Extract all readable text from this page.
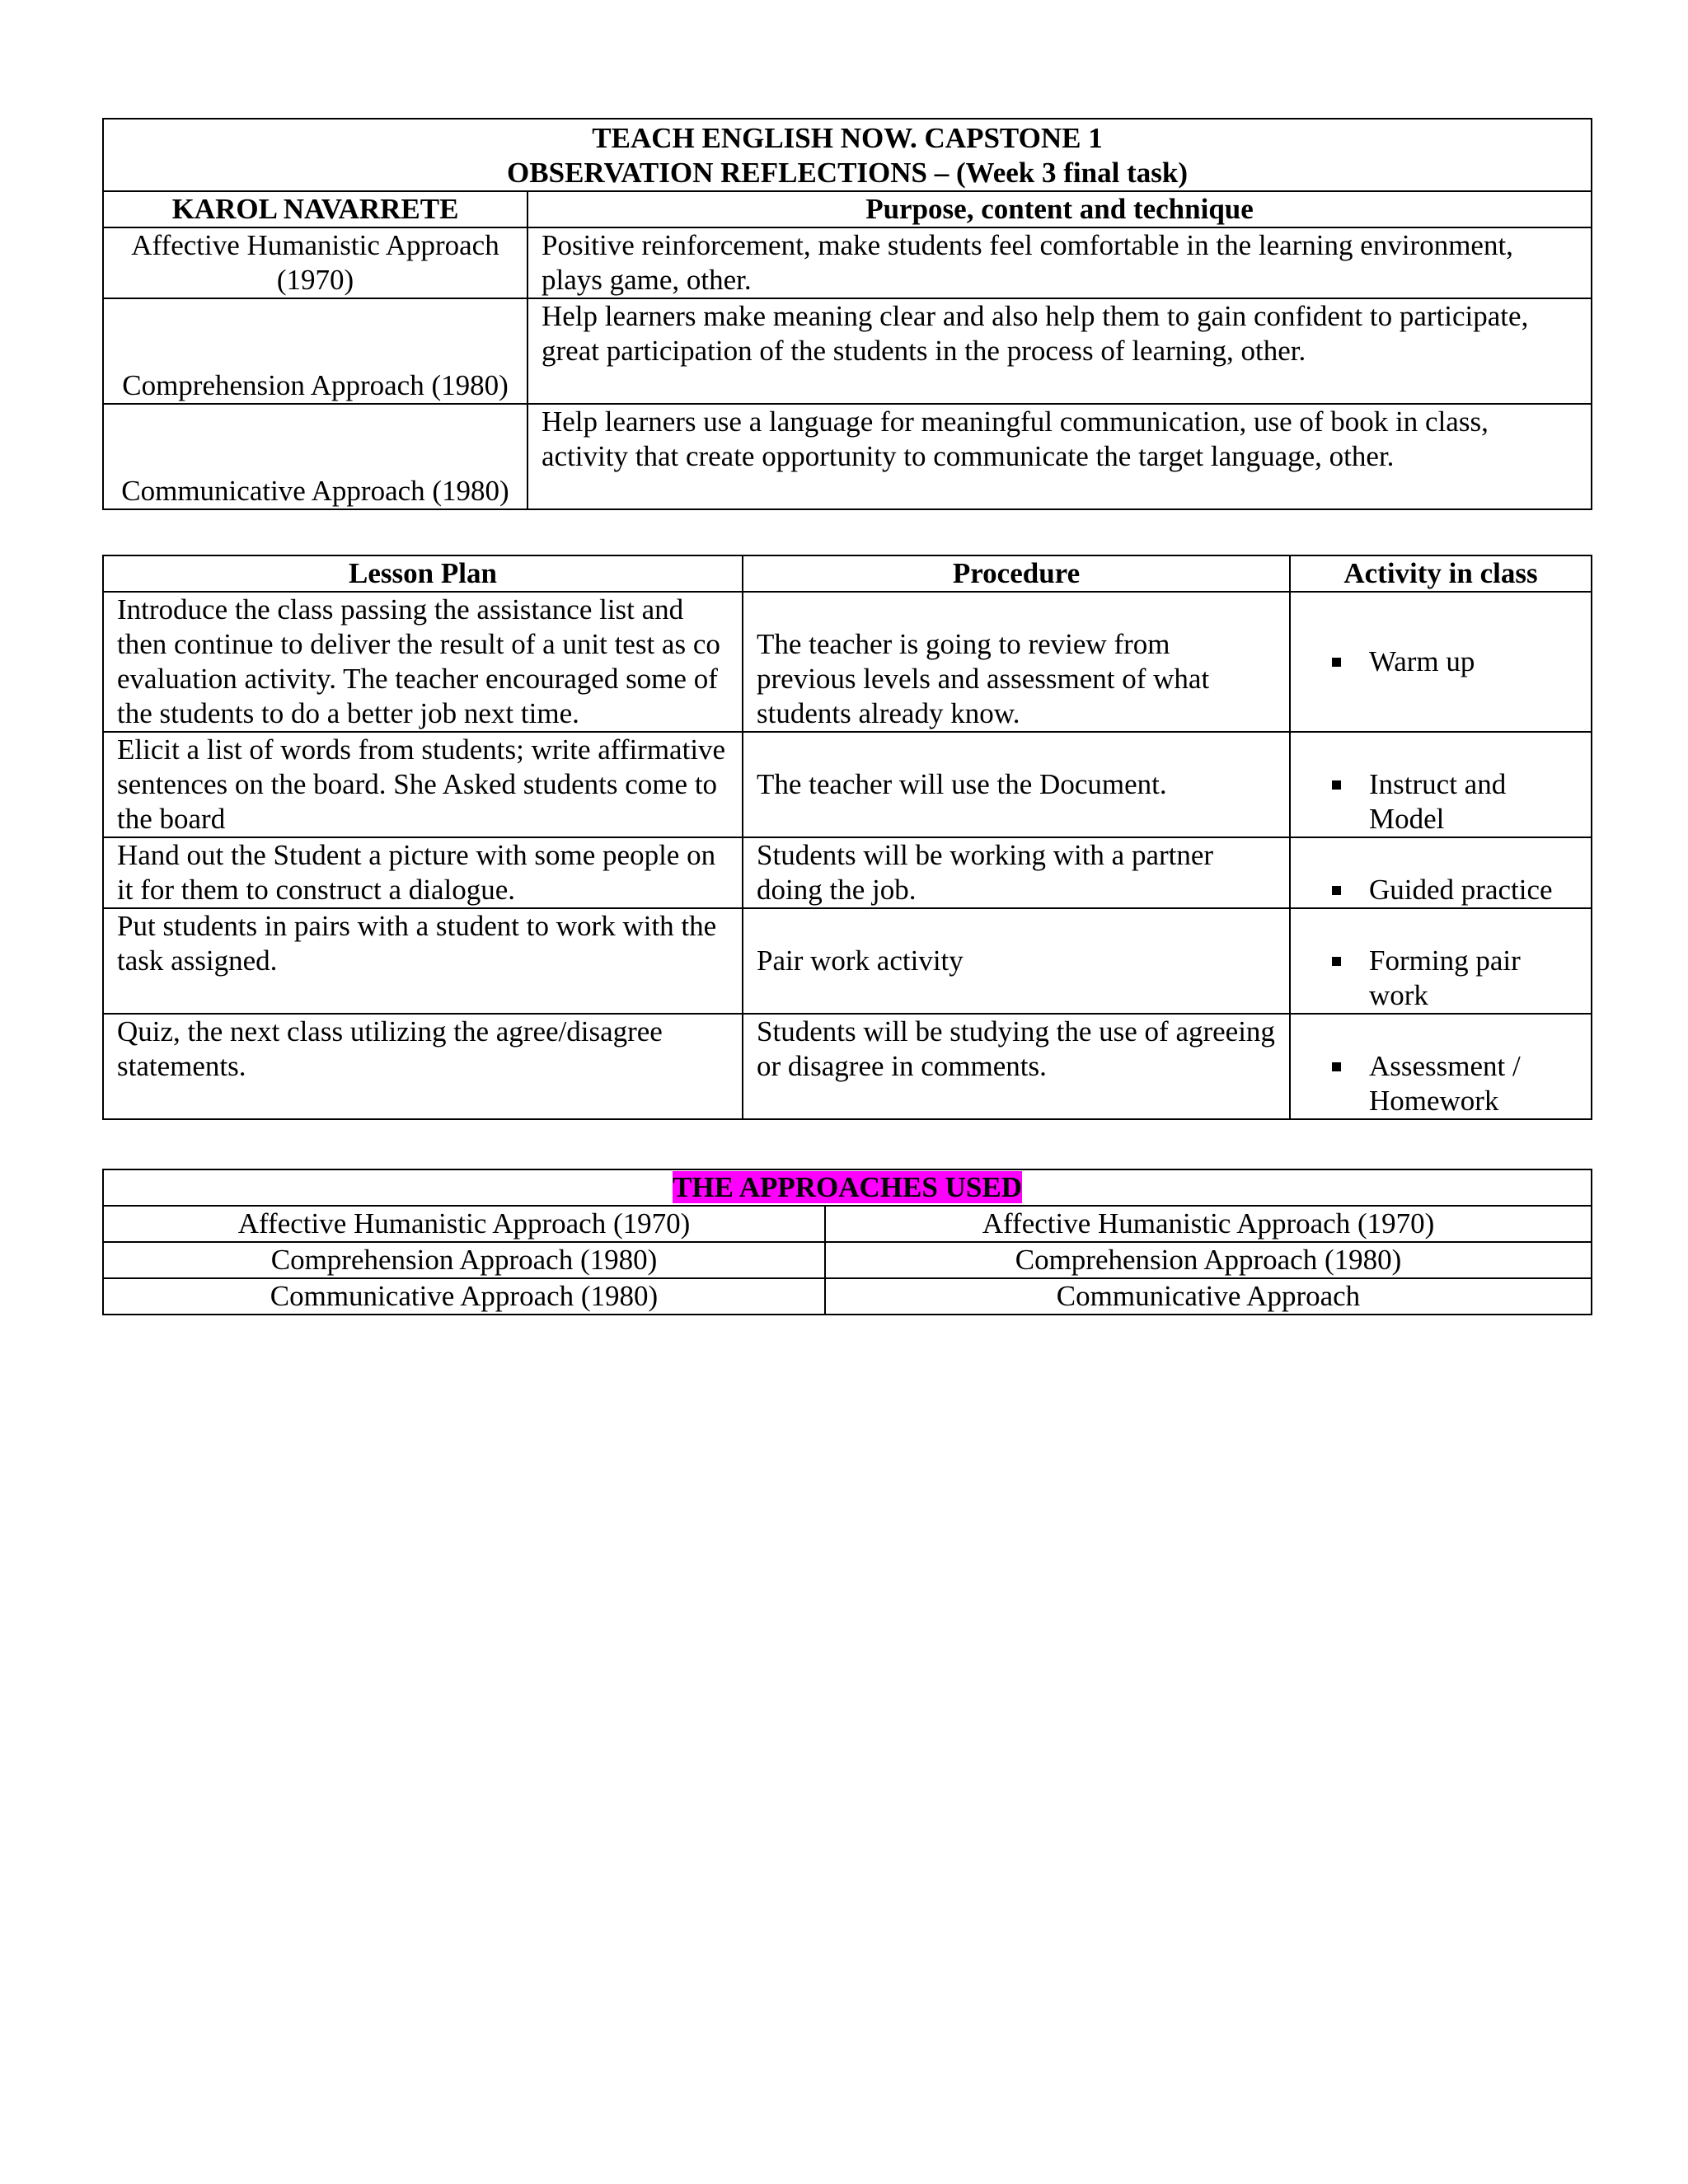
TEACH ENGLISH NOW. CAPSTONE 1
OBSERVATION REFLECTIONS – (Week 3 final task)	

KAROL NAVARRETE	Purpose, content and technique
Affective Humanistic Approach (1970)	Positive reinforcement, make students feel comfortable in the learning environment, plays game, other.
Comprehension Approach (1980)	Help learners make meaning clear and also help them to gain confident to participate, great participation of the students in the process of learning, other.
Communicative Approach (1980)	Help learners use a language for meaningful communication, use of book in class, activity that create opportunity to communicate the target language, other.
Lesson Plan	Procedure	Activity in class
Introduce the class passing the assistance list and then continue to deliver the result of a unit test as co evaluation activity. The teacher encouraged some of the students to do a better job next time.	The teacher is going to review from previous levels and assessment of what students already know.	Warm up

Elicit a list of words from students; write affirmative sentences on the board. She Asked students come to the board	The teacher will use the Document.	Instruct and Model

Hand out the Student a picture with some people on it for them to construct a dialogue.	Students will be working with a partner doing the job.	Guided practice

Put students in pairs with a student to work with the task assigned.	Pair work activity	Forming pair work

Quiz, the next class utilizing the agree/disagree statements.	Students will be studying the use of agreeing or disagree in comments.	Assessment / Homework
THE APPROACHES USED	
Affective Humanistic Approach (1970)	Affective Humanistic Approach (1970)
Comprehension Approach (1980)	Comprehension Approach (1980)
Communicative Approach (1980)	Communicative Approach
